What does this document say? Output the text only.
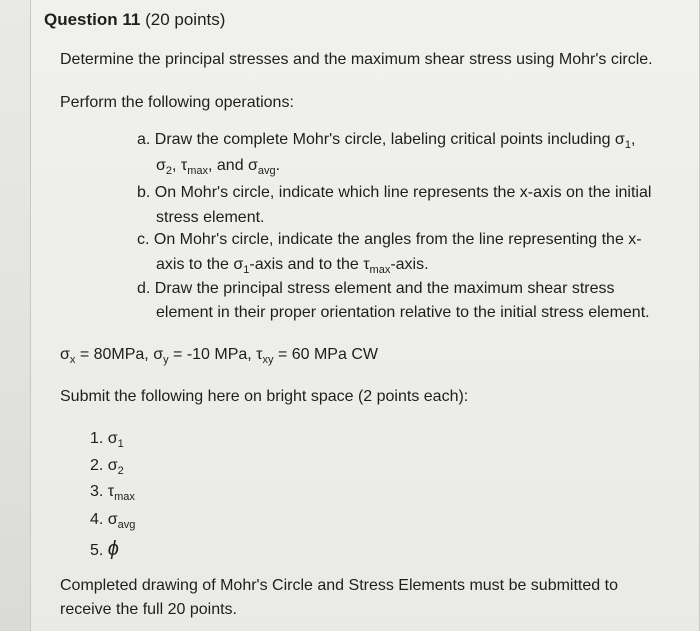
Question 11 (20 points)
Determine the principal stresses and the maximum shear stress using Mohr's circle.
Perform the following operations:
a. Draw the complete Mohr's circle, labeling critical points including $\sigma_1$,
$\sigma_2$, $\tau_{max}$, and $\sigma_{avg}$.
b. On Mohr's circle, indicate which line represents the x-axis on the initial
stress element.
c. On Mohr's circle, indicate the angles from the line representing the x-
axis to the $\sigma_1$-axis and to the $\tau_{max}$-axis.
d. Draw the principal stress element and the maximum shear stress
element in their proper orientation relative to the initial stress element.
$\sigma_x = 80MPa$, $\sigma_y = -10$ MPa, $\tau_{xy} = 60$ MPa CW
Submit the following here on bright space (2 points each):
1. $\sigma_1$
2. $\sigma_2$
3. $\tau_{max}$
4. $\sigma_{avg}$
5. ϕ
Completed drawing of Mohr's Circle and Stress Elements must be submitted to
receive the full 20 points.
